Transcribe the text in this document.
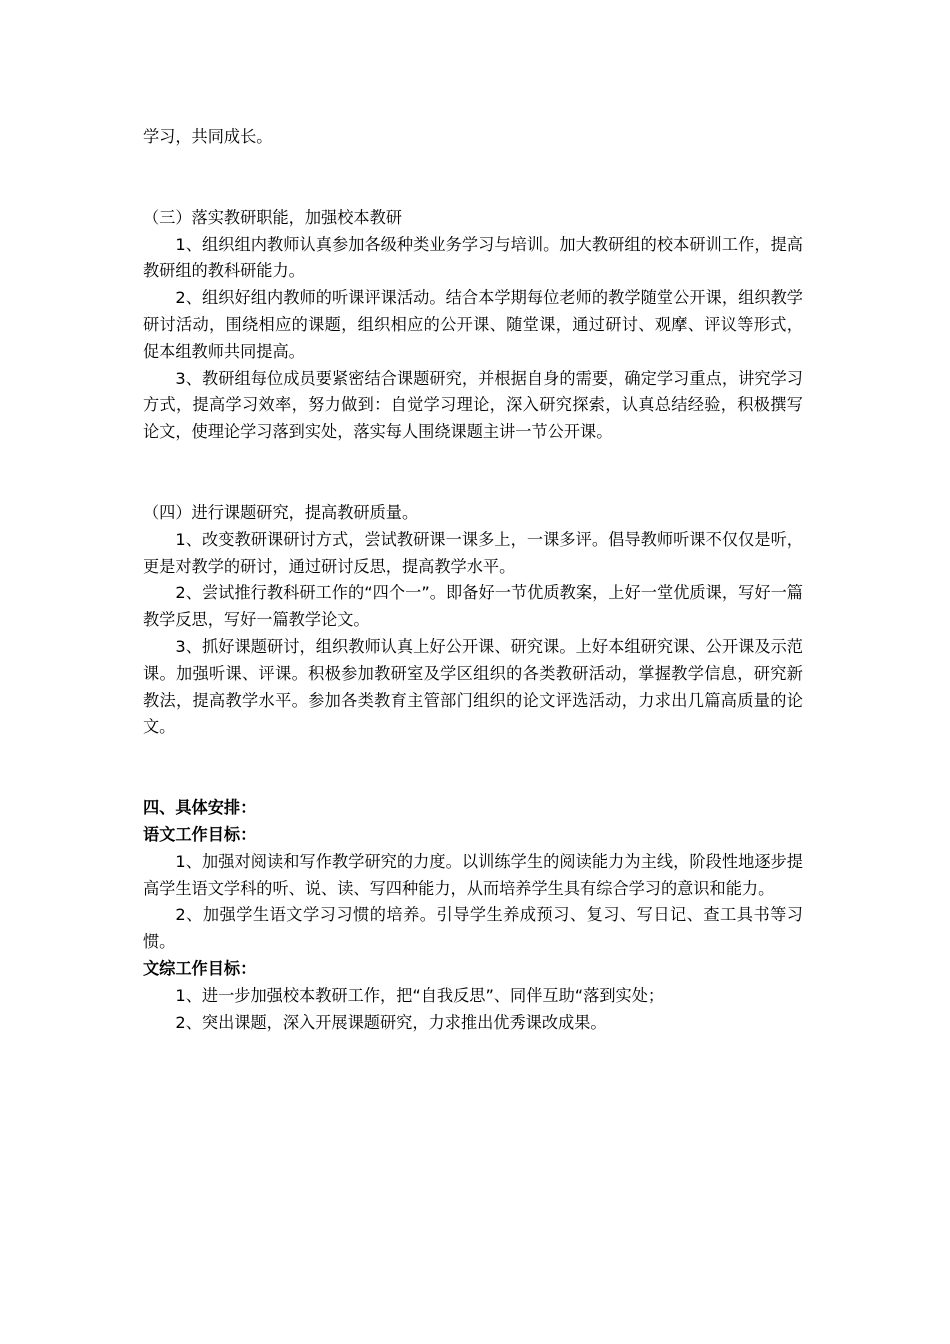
学习，共同成长。

（三）落实教研职能，加强校本教研

1、组织组内教师认真参加各级种类业务学习与培训。加大教研组的校本研训工作，提高教研组的教科研能力。

2、组织好组内教师的听课评课活动。结合本学期每位老师的教学随堂公开课，组织教学研讨活动，围绕相应的课题，组织相应的公开课、随堂课，通过研讨、观摩、评议等形式，促本组教师共同提高。

3、教研组每位成员要紧密结合课题研究，并根据自身的需要，确定学习重点，讲究学习方式，提高学习效率，努力做到：自觉学习理论，深入研究探索，认真总结经验，积极撰写论文，使理论学习落到实处，落实每人围绕课题主讲一节公开课。

（四）进行课题研究，提高教研质量。

1、改变教研课研讨方式，尝试教研课一课多上，一课多评。倡导教师听课不仅仅是听，更是对教学的研讨，通过研讨反思，提高教学水平。

2、尝试推行教科研工作的“四个一”。即备好一节优质教案，上好一堂优质课，写好一篇教学反思，写好一篇教学论文。

3、抓好课题研讨，组织教师认真上好公开课、研究课。上好本组研究课、公开课及示范课。加强听课、评课。积极参加教研室及学区组织的各类教研活动，掌握教学信息，研究新教法，提高教学水平。参加各类教育主管部门组织的论文评选活动，力求出几篇高质量的论文。

四、具体安排：

语文工作目标：

1、加强对阅读和写作教学研究的力度。以训练学生的阅读能力为主线，阶段性地逐步提高学生语文学科的听、说、读、写四种能力，从而培养学生具有综合学习的意识和能力。

2、加强学生语文学习习惯的培养。引导学生养成预习、复习、写日记、查工具书等习惯。

文综工作目标：

1、进一步加强校本教研工作，把“自我反思”、同伴互助“落到实处；

2、突出课题，深入开展课题研究，力求推出优秀课改成果。
